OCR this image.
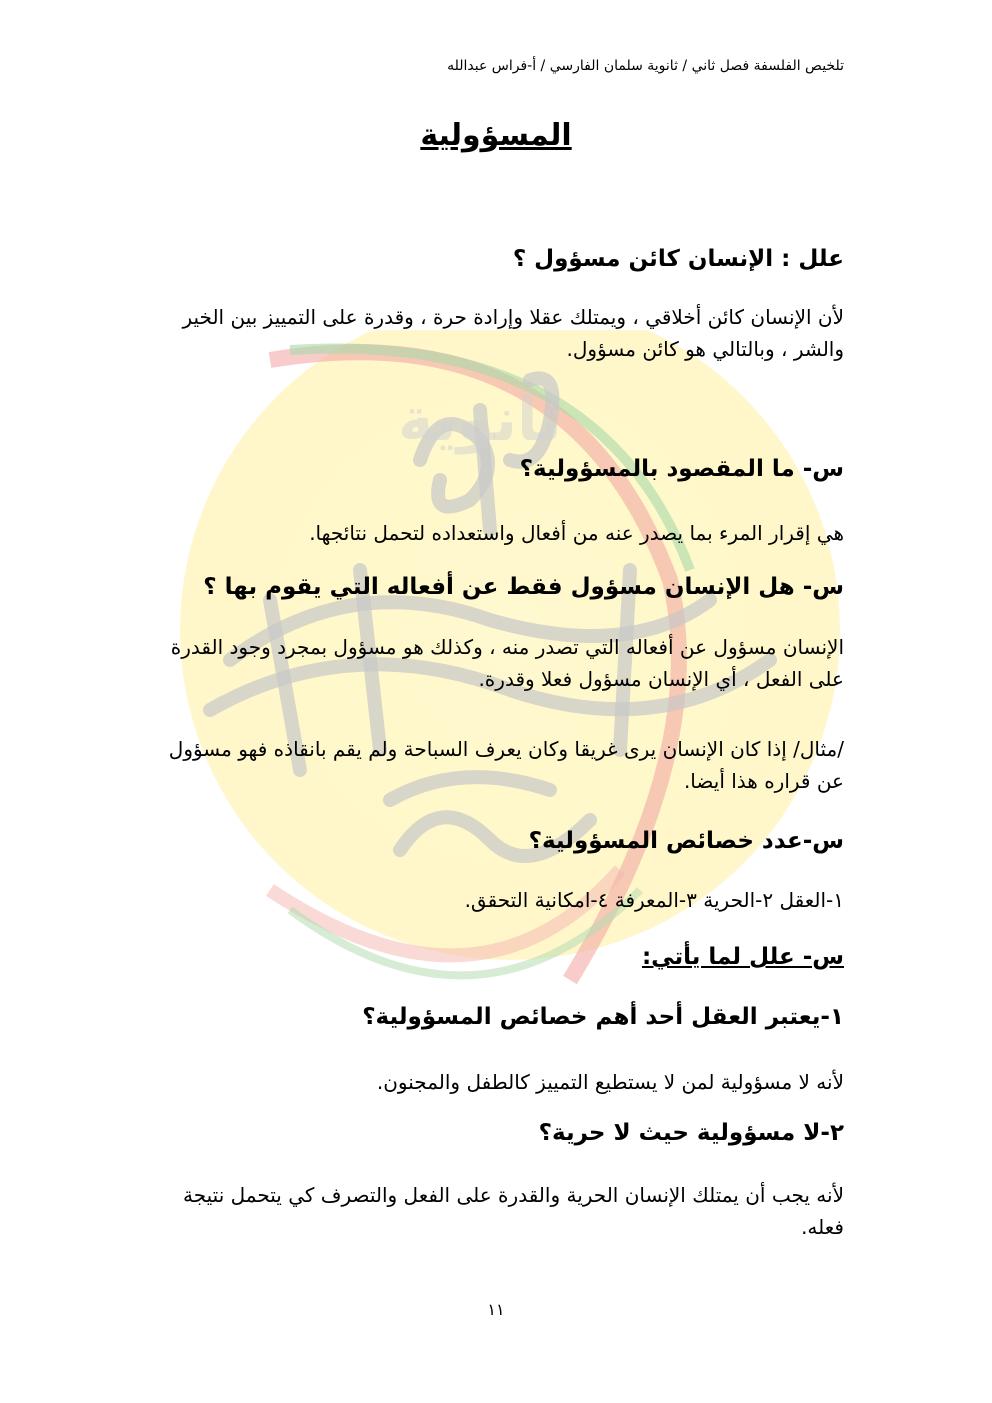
ثانوية
تلخيص الفلسفة فصل ثاني / ثانوية سلمان الفارسي / أ-فراس عبدالله
المسؤولية
علل : الإنسان كائن مسؤول ؟
لأن الإنسان كائن أخلاقي ، ويمتلك عقلا وإرادة حرة ، وقدرة على التمييز بين الخير والشر ، وبالتالي هو كائن مسؤول.
س- ما المقصود بالمسؤولية؟
هي إقرار المرء بما يصدر عنه من أفعال واستعداده لتحمل نتائجها.
س- هل الإنسان مسؤول فقط عن أفعاله التي يقوم بها ؟
الإنسان مسؤول عن أفعاله التي تصدر منه ، وكذلك هو مسؤول بمجرد وجود القدرة على الفعل ، أي الإنسان مسؤول فعلا وقدرة.
/مثال/ إذا كان الإنسان يرى غريقا وكان يعرف السباحة ولم يقم بانقاذه فهو مسؤول عن قراره هذا أيضا.
س-عدد خصائص المسؤولية؟
١-العقل ٢-الحرية ٣-المعرفة ٤-امكانية التحقق.
س- علل لما يأتي:
١-يعتبر العقل أحد أهم خصائص المسؤولية؟
لأنه لا مسؤولية لمن لا يستطيع التمييز كالطفل والمجنون.
٢-لا مسؤولية حيث لا حرية؟
لأنه يجب أن يمتلك الإنسان الحرية والقدرة على الفعل والتصرف كي يتحمل نتيجة فعله.
١١
